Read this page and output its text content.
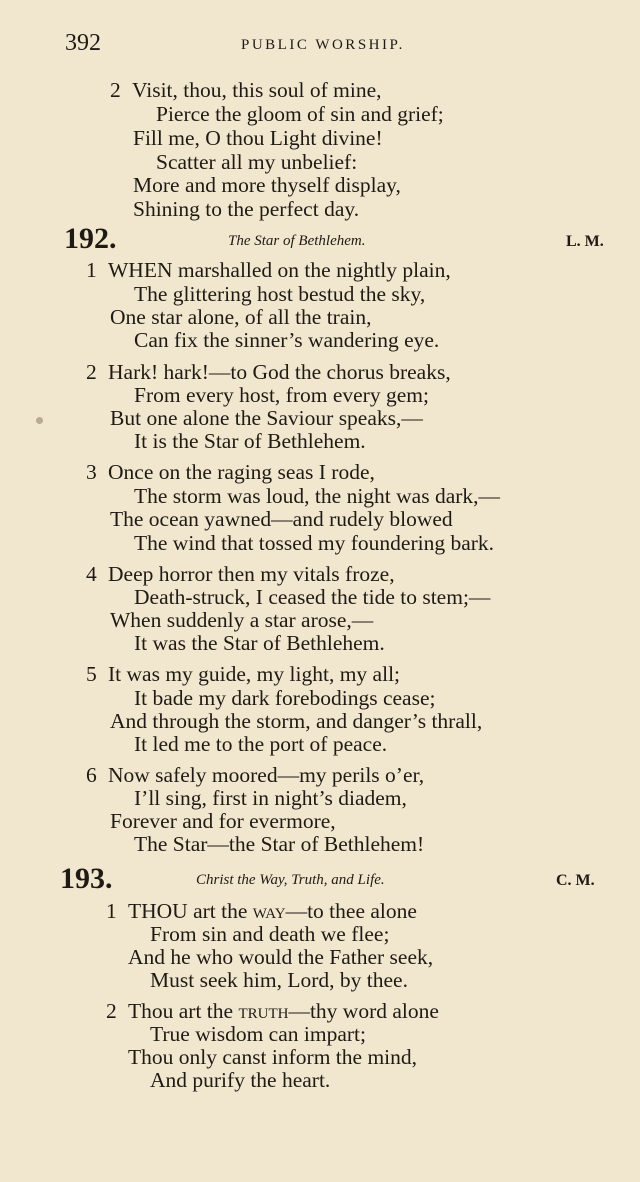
392	PUBLIC WORSHIP.
2 Visit, thou, this soul of mine,
Pierce the gloom of sin and grief;
Fill me, O thou Light divine!
Scatter all my unbelief:
More and more thyself display,
Shining to the perfect day.
192.	The Star of Bethlehem.	L. M.
1 WHEN marshalled on the nightly plain,
The glittering host bestud the sky,
One star alone, of all the train,
Can fix the sinner’s wandering eye.
2 Hark! hark!—to God the chorus breaks,
From every host, from every gem;
But one alone the Saviour speaks,—
It is the Star of Bethlehem.
3 Once on the raging seas I rode,
The storm was loud, the night was dark,—
The ocean yawned—and rudely blowed
The wind that tossed my foundering bark.
4 Deep horror then my vitals froze,
Death-struck, I ceased the tide to stem;—
When suddenly a star arose,—
It was the Star of Bethlehem.
5 It was my guide, my light, my all;
It bade my dark forebodings cease;
And through the storm, and danger’s thrall,
It led me to the port of peace.
6 Now safely moored—my perils o’er,
I’ll sing, first in night’s diadem,
Forever and for evermore,
The Star—the Star of Bethlehem!
193.	Christ the Way, Truth, and Life.	C. M.
1 THOU art the way—to thee alone
From sin and death we flee;
And he who would the Father seek,
Must seek him, Lord, by thee.
2 Thou art the truth—thy word alone
True wisdom can impart;
Thou only canst inform the mind,
And purify the heart.
